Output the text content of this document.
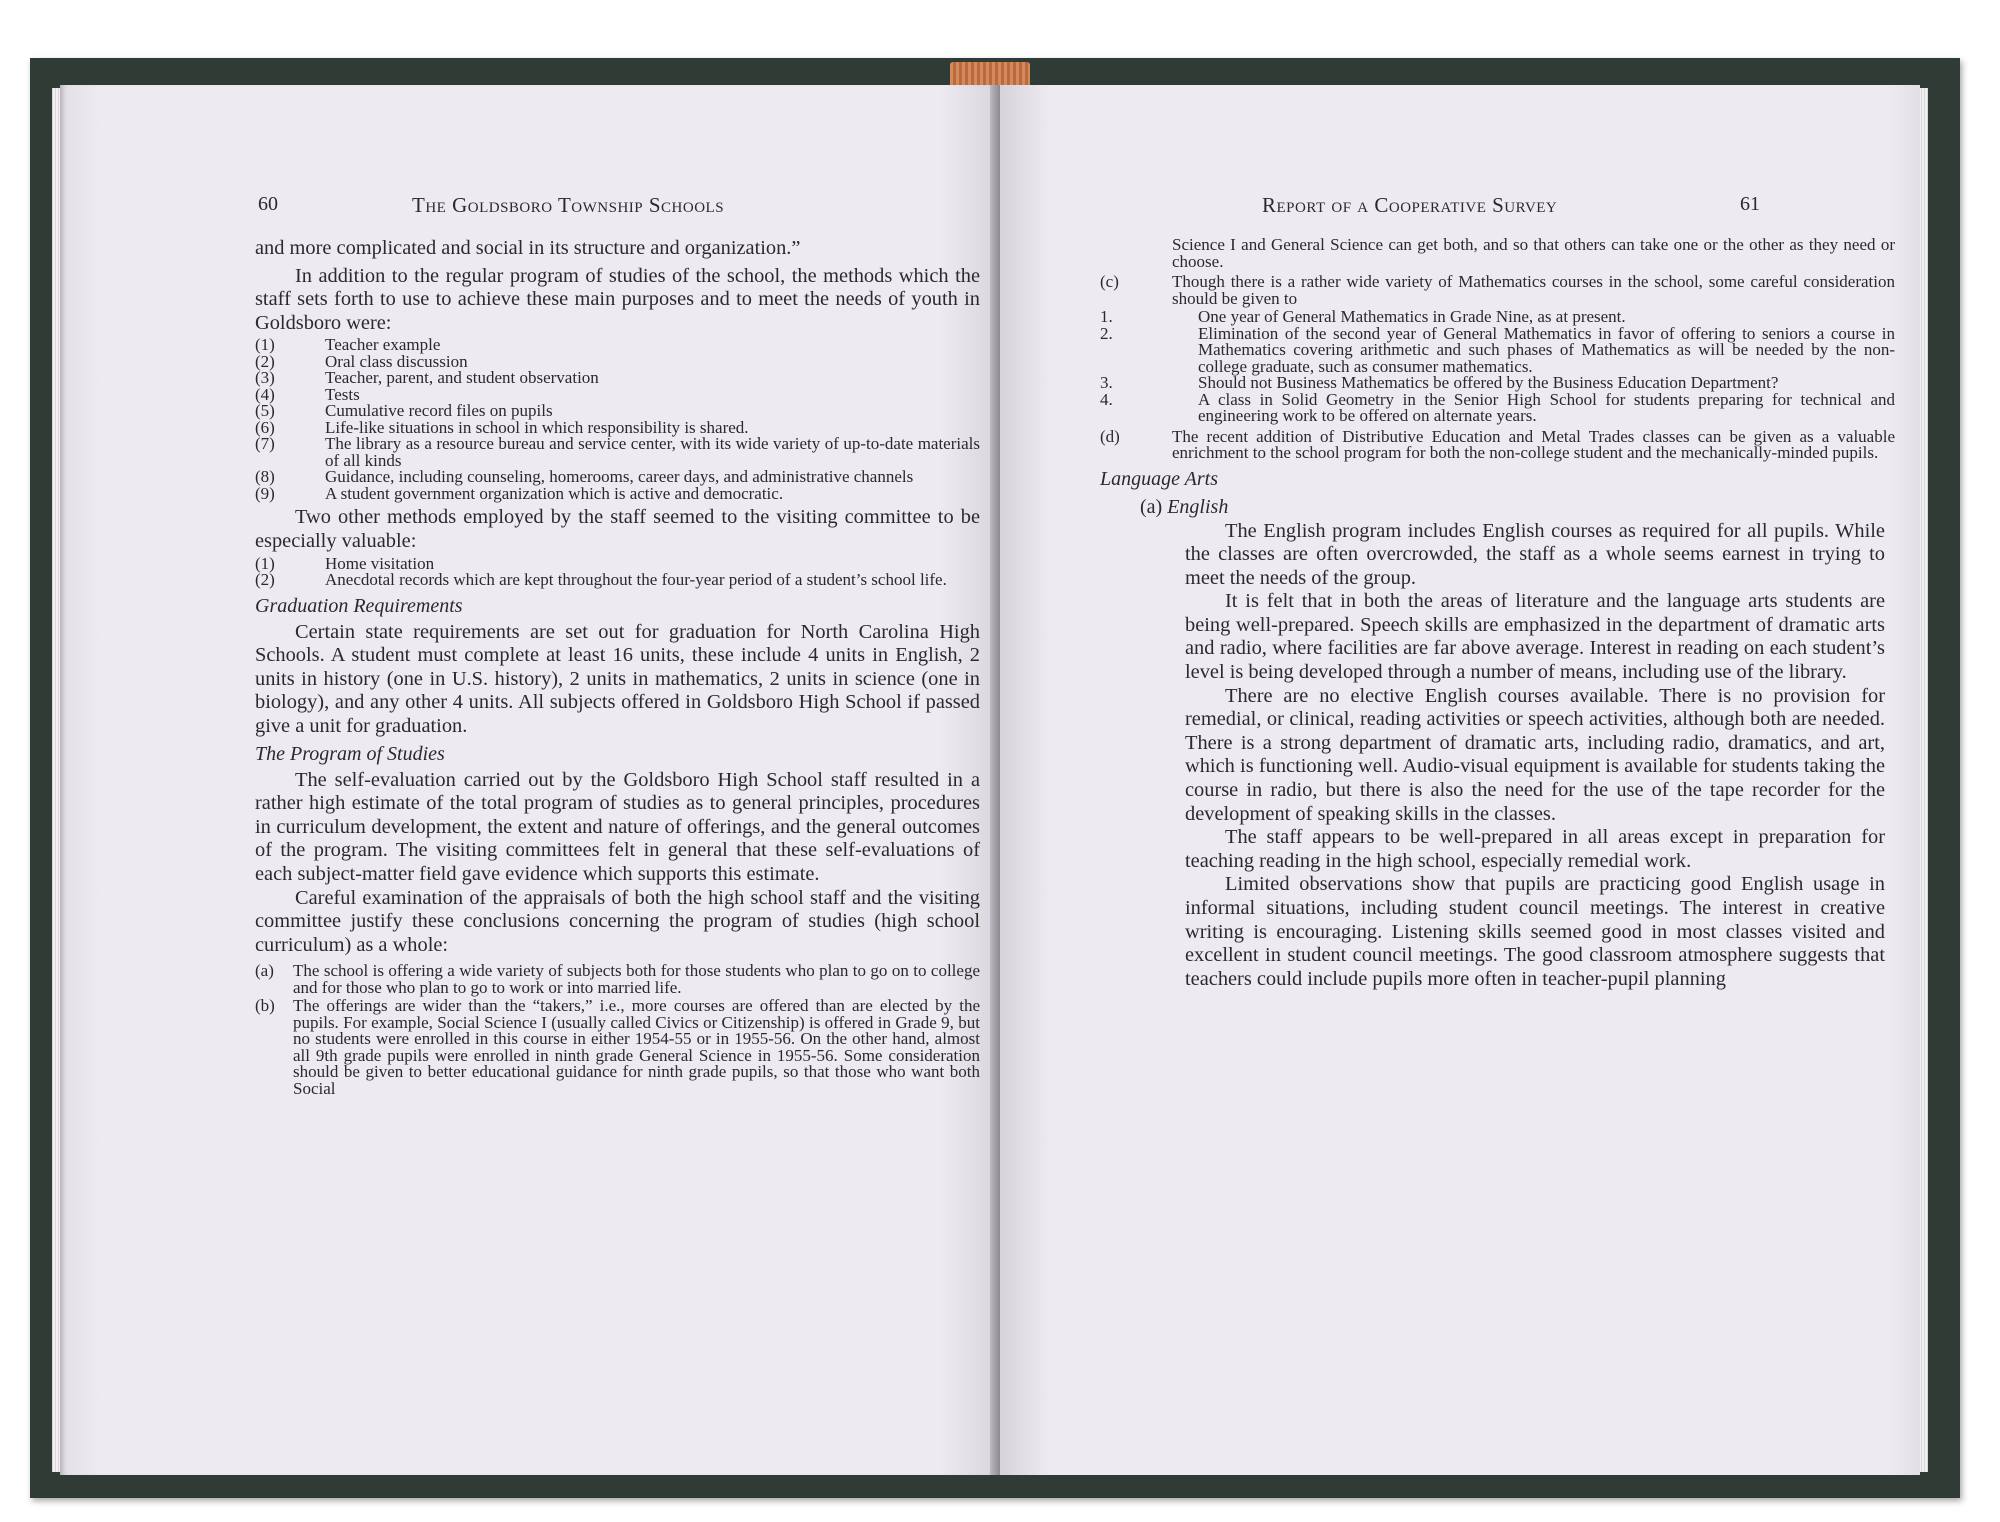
60	The Goldsboro Township Schools

and more complicated and social in its structure and organization.”

In addition to the regular program of studies of the school, the methods which the staff sets forth to use to achieve these main purposes and to meet the needs of youth in Goldsboro were:

(1)	Teacher example
(2)	Oral class discussion
(3)	Teacher, parent, and student observation
(4)	Tests
(5)	Cumulative record files on pupils
(6)	Life-like situations in school in which responsibility is shared.
(7)	The library as a resource bureau and service center, with its wide variety of up-to-date materials of all kinds
(8)	Guidance, including counseling, homerooms, career days, and administrative channels
(9)	A student government organization which is active and democratic.

Two other methods employed by the staff seemed to the visiting committee to be especially valuable:

(1)	Home visitation
(2)	Anecdotal records which are kept throughout the four-year period of a student’s school life.

Graduation Requirements

Certain state requirements are set out for graduation for North Carolina High Schools. A student must complete at least 16 units, these include 4 units in English, 2 units in history (one in U.S. history), 2 units in mathematics, 2 units in science (one in biology), and any other 4 units. All subjects offered in Goldsboro High School if passed give a unit for graduation.

The Program of Studies

The self-evaluation carried out by the Goldsboro High School staff resulted in a rather high estimate of the total program of studies as to general principles, procedures in curriculum development, the extent and nature of offerings, and the general outcomes of the program. The visiting committees felt in general that these self-evaluations of each subject-matter field gave evidence which supports this estimate.

Careful examination of the appraisals of both the high school staff and the visiting committee justify these conclusions concerning the program of studies (high school curriculum) as a whole:

(a) The school is offering a wide variety of subjects both for those students who plan to go on to college and for those who plan to go to work or into married life.
(b) The offerings are wider than the “takers,” i.e., more courses are offered than are elected by the pupils. For example, Social Science I (usually called Civics or Citizenship) is offered in Grade 9, but no students were enrolled in this course in either 1954-55 or in 1955-56. On the other hand, almost all 9th grade pupils were enrolled in ninth grade General Science in 1955-56. Some consideration should be given to better educational guidance for ninth grade pupils, so that those who want both Social
Report of a Cooperative Survey	61

Science I and General Science can get both, and so that others can take one or the other as they need or choose.

(c)	Though there is a rather wide variety of Mathematics courses in the school, some careful consideration should be given to
1.	One year of General Mathematics in Grade Nine, as at present.
2.	Elimination of the second year of General Mathematics in favor of offering to seniors a course in Mathematics covering arithmetic and such phases of Mathematics as will be needed by the non-college graduate, such as consumer mathematics.
3.	Should not Business Mathematics be offered by the Business Education Department?
4.	A class in Solid Geometry in the Senior High School for students preparing for technical and engineering work to be offered on alternate years.
(d)	The recent addition of Distributive Education and Metal Trades classes can be given as a valuable enrichment to the school program for both the non-college student and the mechanically-minded pupils.

Language Arts

(a) English

The English program includes English courses as required for all pupils. While the classes are often overcrowded, the staff as a whole seems earnest in trying to meet the needs of the group.

It is felt that in both the areas of literature and the language arts students are being well-prepared. Speech skills are emphasized in the department of dramatic arts and radio, where facilities are far above average. Interest in reading on each student’s level is being developed through a number of means, including use of the library.

There are no elective English courses available. There is no provision for remedial, or clinical, reading activities or speech activities, although both are needed. There is a strong department of dramatic arts, including radio, dramatics, and art, which is functioning well. Audio-visual equipment is available for students taking the course in radio, but there is also the need for the use of the tape recorder for the development of speaking skills in the classes.

The staff appears to be well-prepared in all areas except in preparation for teaching reading in the high school, especially remedial work.

Limited observations show that pupils are practicing good English usage in informal situations, including student council meetings. The interest in creative writing is encouraging. Listening skills seemed good in most classes visited and excellent in student council meetings. The good classroom atmosphere suggests that teachers could include pupils more often in teacher-pupil planning
